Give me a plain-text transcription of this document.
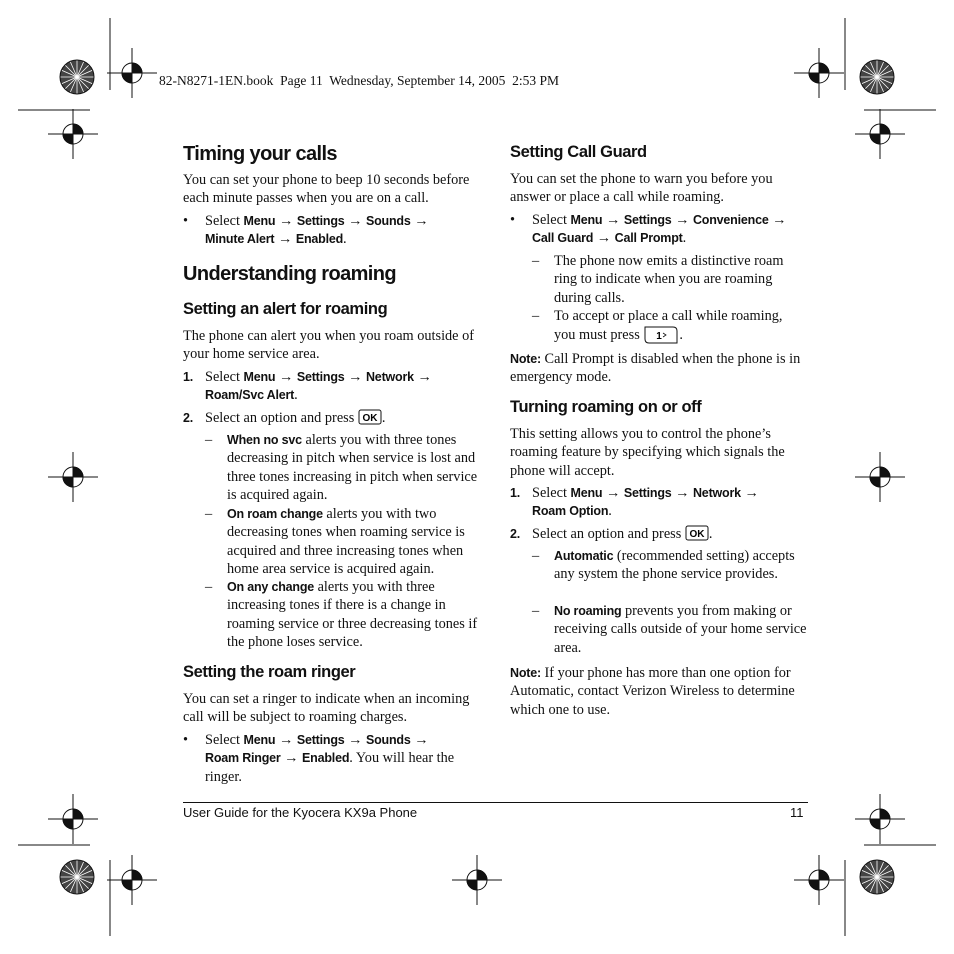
82-N8271-1EN.book  Page 11  Wednesday, September 14, 2005  2:53 PM
Timing your calls

You can set your phone to beep 10 seconds before each minute passes when you are on a call.

• Select Menu → Settings → Sounds →
Minute Alert → Enabled.
Understanding roaming
Setting an alert for roaming

The phone can alert you when you roam outside of your home service area.

1. Select Menu → Settings → Network →
Roam/Svc Alert.
2. Select an option and press OK .
– When no svc alerts you with three tones decreasing in pitch when service is lost and three tones increasing in pitch when service is acquired again.
– On roam change alerts you with two decreasing tones when roaming service is acquired and three increasing tones when home area service is acquired again.
– On any change alerts you with three increasing tones if there is a change in roaming service or three decreasing tones if the phone loses service.
Setting the roam ringer

You can set a ringer to indicate when an incoming call will be subject to roaming charges.

• Select Menu → Settings → Sounds →
Roam Ringer → Enabled. You will hear the ringer.
Setting Call Guard

You can set the phone to warn you before you answer or place a call while roaming.

• Select Menu → Settings → Convenience →
Call Guard → Call Prompt.
– The phone now emits a distinctive roam ring to indicate when you are roaming during calls.
– To accept or place a call while roaming, you must press 1 .

Note: Call Prompt is disabled when the phone is in emergency mode.

Turning roaming on or off

This setting allows you to control the phone’s roaming feature by specifying which signals the phone will accept.

1. Select Menu → Settings → Network →
Roam Option.
2. Select an option and press OK .
– Automatic (recommended setting) accepts any system the phone service provides.
– No roaming prevents you from making or receiving calls outside of your home service area.

Note: If your phone has more than one option for Automatic, contact Verizon Wireless to determine which one to use.

User Guide for the Kyocera KX9a Phone	11
